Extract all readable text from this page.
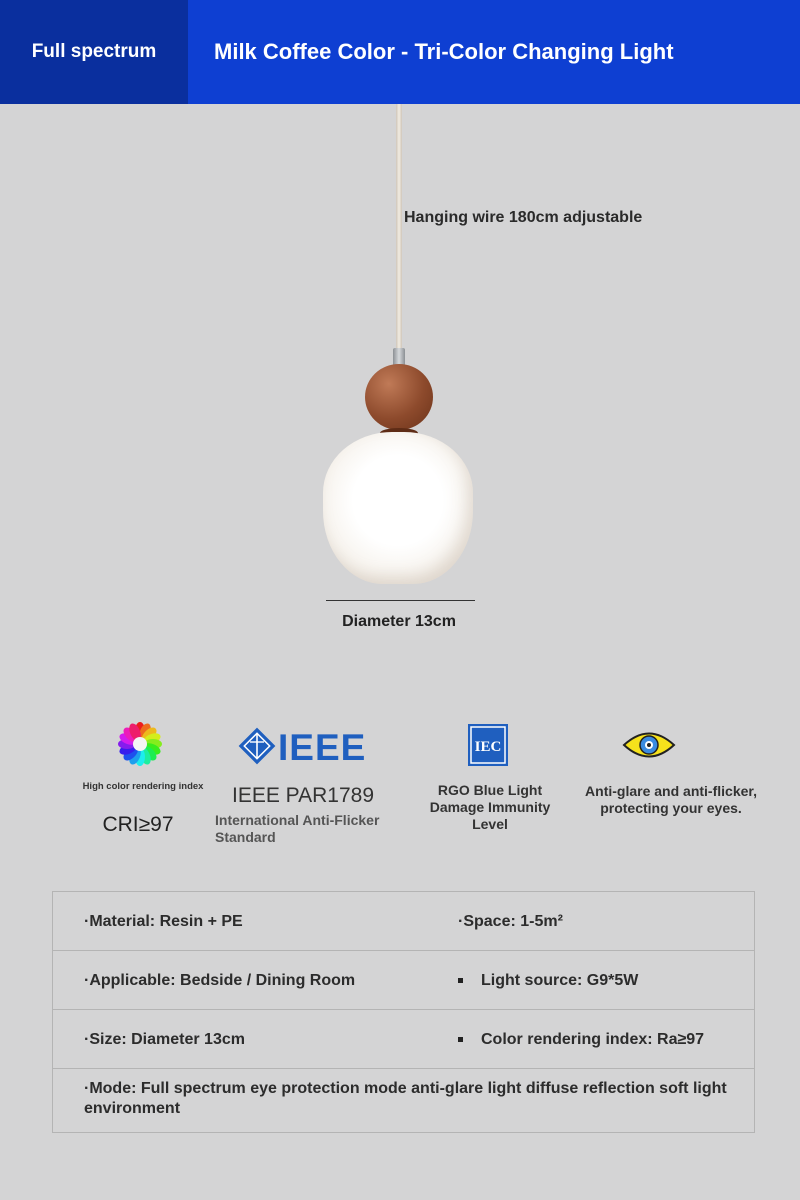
Full spectrum	Milk Coffee Color - Tri-Color Changing Light
Hanging wire 180cm adjustable
Diameter 13cm
High color rendering index
CRI≥97
IEEE
IEEE PAR1789
International Anti-Flicker Standard
IEC
RGO Blue Light Damage Immunity Level
Anti-glare and anti-flicker, protecting your eyes.
·Material: Resin + PE	·Space: 1-5m²
·Applicable: Bedside / Dining Room	Light source: G9*5W
·Size: Diameter 13cm	Color rendering index: Ra≥97
·Mode: Full spectrum eye protection mode anti-glare light diffuse reflection soft light environment
